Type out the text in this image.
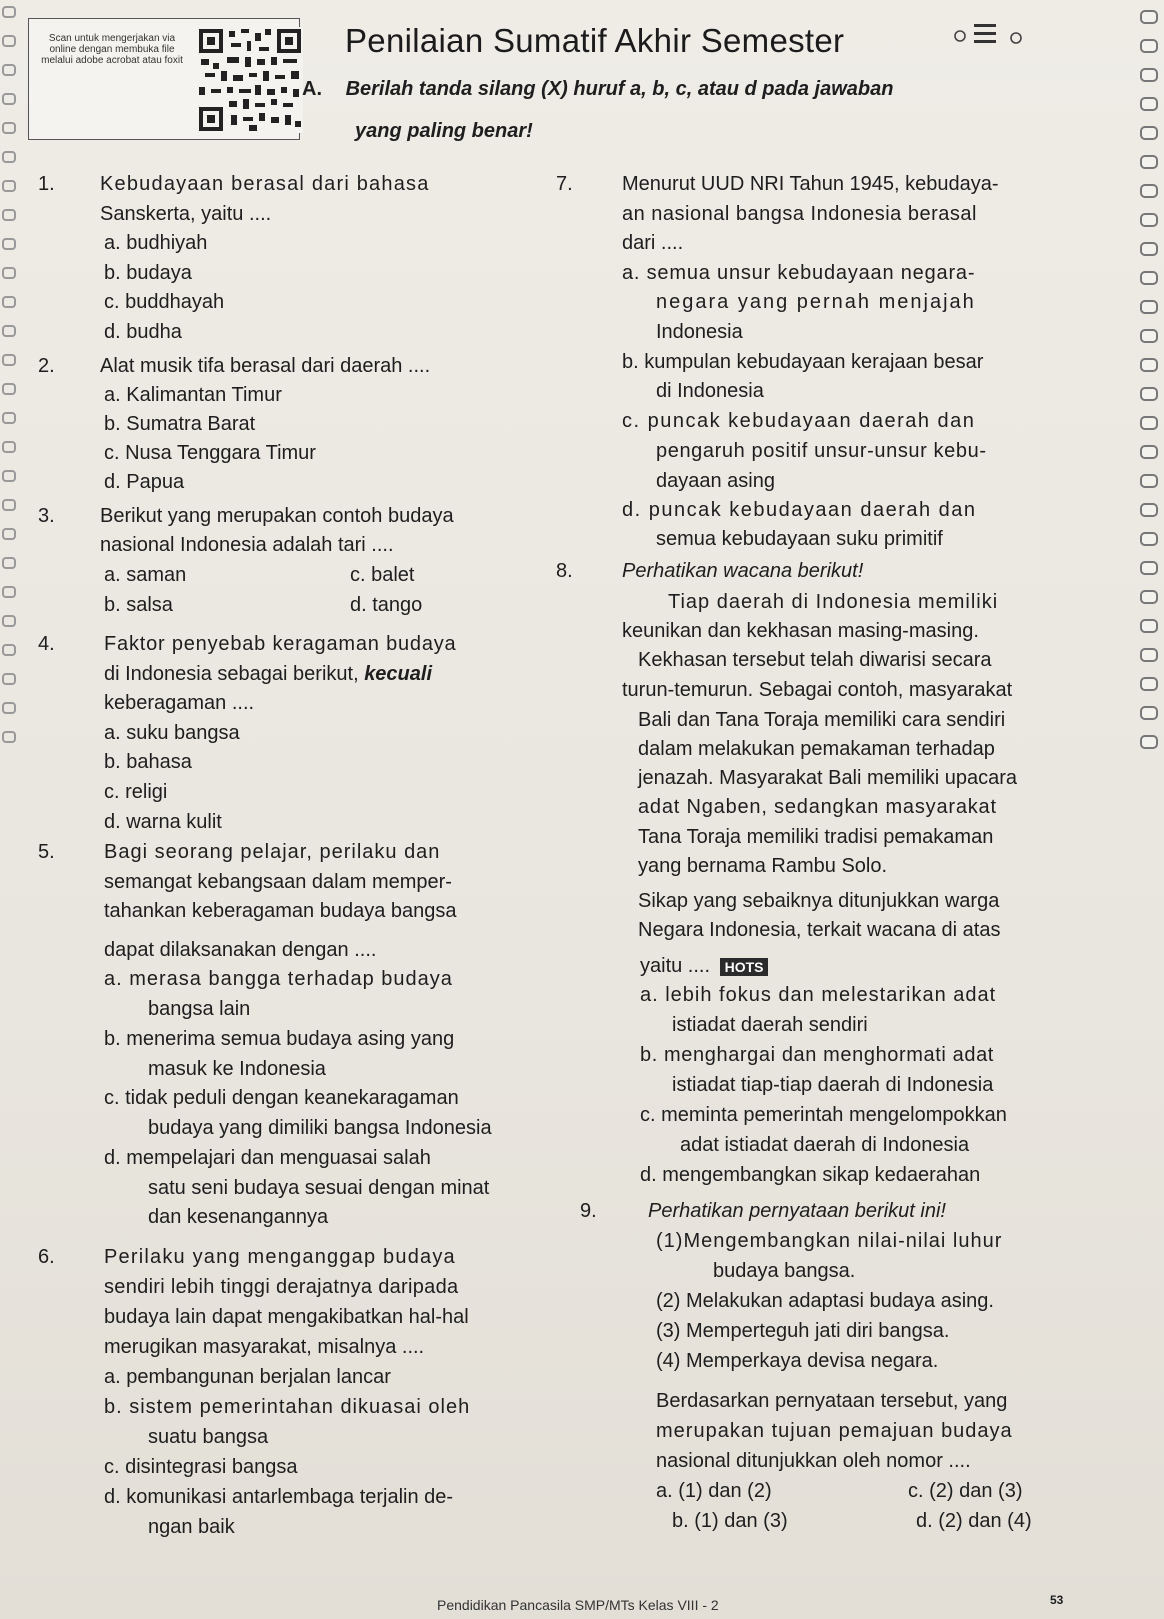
Scan untuk mengerjakan via online dengan membuka file melalui adobe acrobat atau foxit
Penilaian Sumatif Akhir Semester
A. Berilah tanda silang (X) huruf a, b, c, atau d pada jawaban
yang paling benar!
1. Kebudayaan berasal dari bahasa
Sanskerta, yaitu ....
a. budhiyah
b. budaya
c. buddhayah
d. budha
2. Alat musik tifa berasal dari daerah ....
a. Kalimantan Timur
b. Sumatra Barat
c. Nusa Tenggara Timur
d. Papua
3. Berikut yang merupakan contoh budaya
nasional Indonesia adalah tari ....
a. saman	c. balet
b. salsa	d. tango
4. Faktor penyebab keragaman budaya
di Indonesia sebagai berikut, kecuali
keberagaman ....
a. suku bangsa
b. bahasa
c. religi
d. warna kulit
5. Bagi seorang pelajar, perilaku dan
semangat kebangsaan dalam memper-
tahankan keberagaman budaya bangsa
dapat dilaksanakan dengan ....
a. merasa bangga terhadap budaya
bangsa lain
b. menerima semua budaya asing yang
masuk ke Indonesia
c. tidak peduli dengan keanekaragaman
budaya yang dimiliki bangsa Indonesia
d. mempelajari dan menguasai salah
satu seni budaya sesuai dengan minat
dan kesenangannya
6. Perilaku yang menganggap budaya
sendiri lebih tinggi derajatnya daripada
budaya lain dapat mengakibatkan hal-hal
merugikan masyarakat, misalnya ....
a. pembangunan berjalan lancar
b. sistem pemerintahan dikuasai oleh
suatu bangsa
c. disintegrasi bangsa
d. komunikasi antarlembaga terjalin de-
ngan baik
7. Menurut UUD NRI Tahun 1945, kebudaya-
an nasional bangsa Indonesia berasal
dari ....
a. semua unsur kebudayaan negara-
negara yang pernah menjajah
Indonesia
b. kumpulan kebudayaan kerajaan besar
di Indonesia
c. puncak kebudayaan daerah dan
pengaruh positif unsur-unsur kebu-
dayaan asing
d. puncak kebudayaan daerah dan
semua kebudayaan suku primitif
8. Perhatikan wacana berikut!
Tiap daerah di Indonesia memiliki
keunikan dan kekhasan masing-masing.
Kekhasan tersebut telah diwarisi secara
turun-temurun. Sebagai contoh, masyarakat
Bali dan Tana Toraja memiliki cara sendiri
dalam melakukan pemakaman terhadap
jenazah. Masyarakat Bali memiliki upacara
adat Ngaben, sedangkan masyarakat
Tana Toraja memiliki tradisi pemakaman
yang bernama Rambu Solo.
Sikap yang sebaiknya ditunjukkan warga
Negara Indonesia, terkait wacana di atas
a. lebih fokus dan melestarikan adat
istiadat daerah sendiri
b. menghargai dan menghormati adat
istiadat tiap-tiap daerah di Indonesia
c. meminta pemerintah mengelompokkan
adat istiadat daerah di Indonesia
d. mengembangkan sikap kedaerahan
9.	Perhatikan pernyataan berikut ini!
(1)Mengembangkan nilai-nilai luhur
budaya bangsa.
(2) Melakukan adaptasi budaya asing.
(3) Memperteguh jati diri bangsa.
(4) Memperkaya devisa negara.
Berdasarkan pernyataan tersebut, yang
merupakan tujuan pemajuan budaya
nasional ditunjukkan oleh nomor ....
a. (1) dan (2)	c. (2) dan (3)
b. (1) dan (3)	d. (2) dan (4)
yaitu .... HOTS
Pendidikan Pancasila SMP/MTs Kelas VIII - 2	53
